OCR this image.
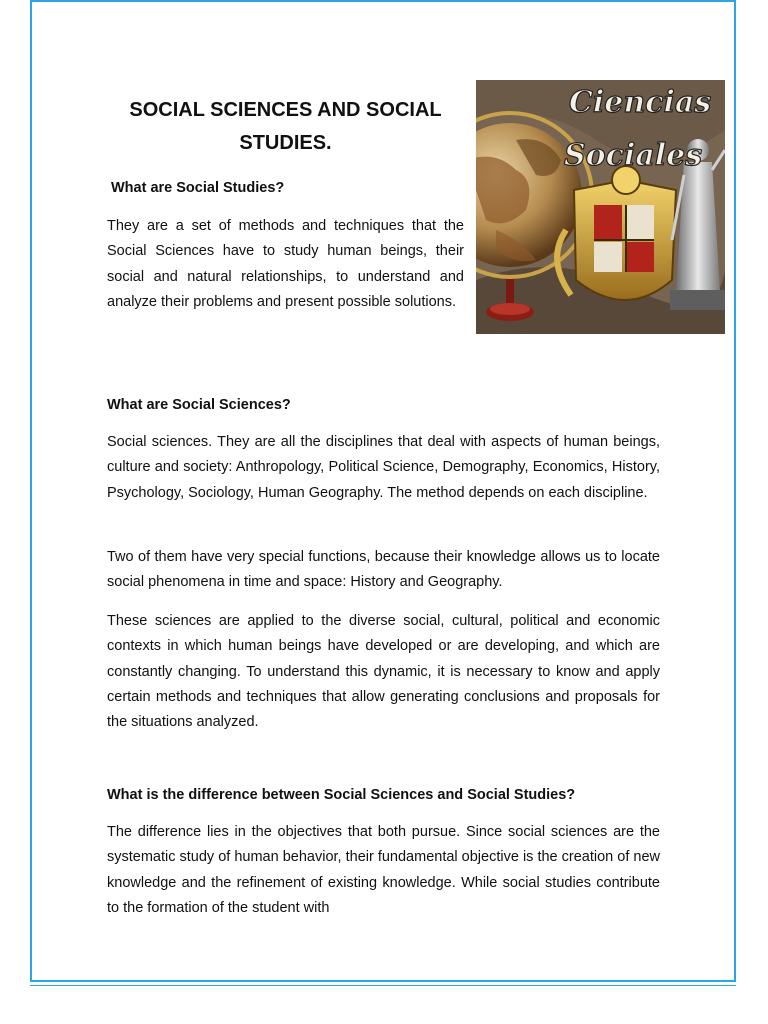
SOCIAL SCIENCES AND SOCIAL STUDIES.
Ciencias
Sociales

What are Social Studies?

They are a set of methods and techniques that the Social Sciences have to study human beings, their social and natural relationships, to understand and analyze their problems and present possible solutions.

What are Social Sciences?

Social sciences. They are all the disciplines that deal with aspects of human beings, culture and society: Anthropology, Political Science, Demography, Economics, History, Psychology, Sociology, Human Geography. The method depends on each discipline.

Two of them have very special functions, because their knowledge allows us to locate social phenomena in time and space: History and Geography.

These sciences are applied to the diverse social, cultural, political and economic contexts in which human beings have developed or are developing, and which are constantly changing. To understand this dynamic, it is necessary to know and apply certain methods and techniques that allow generating conclusions and proposals for the situations analyzed.

What is the difference between Social Sciences and Social Studies?

The difference lies in the objectives that both pursue. Since social sciences are the systematic study of human behavior, their fundamental objective is the creation of new knowledge and the refinement of existing knowledge. While social studies contribute to the formation of the student with
